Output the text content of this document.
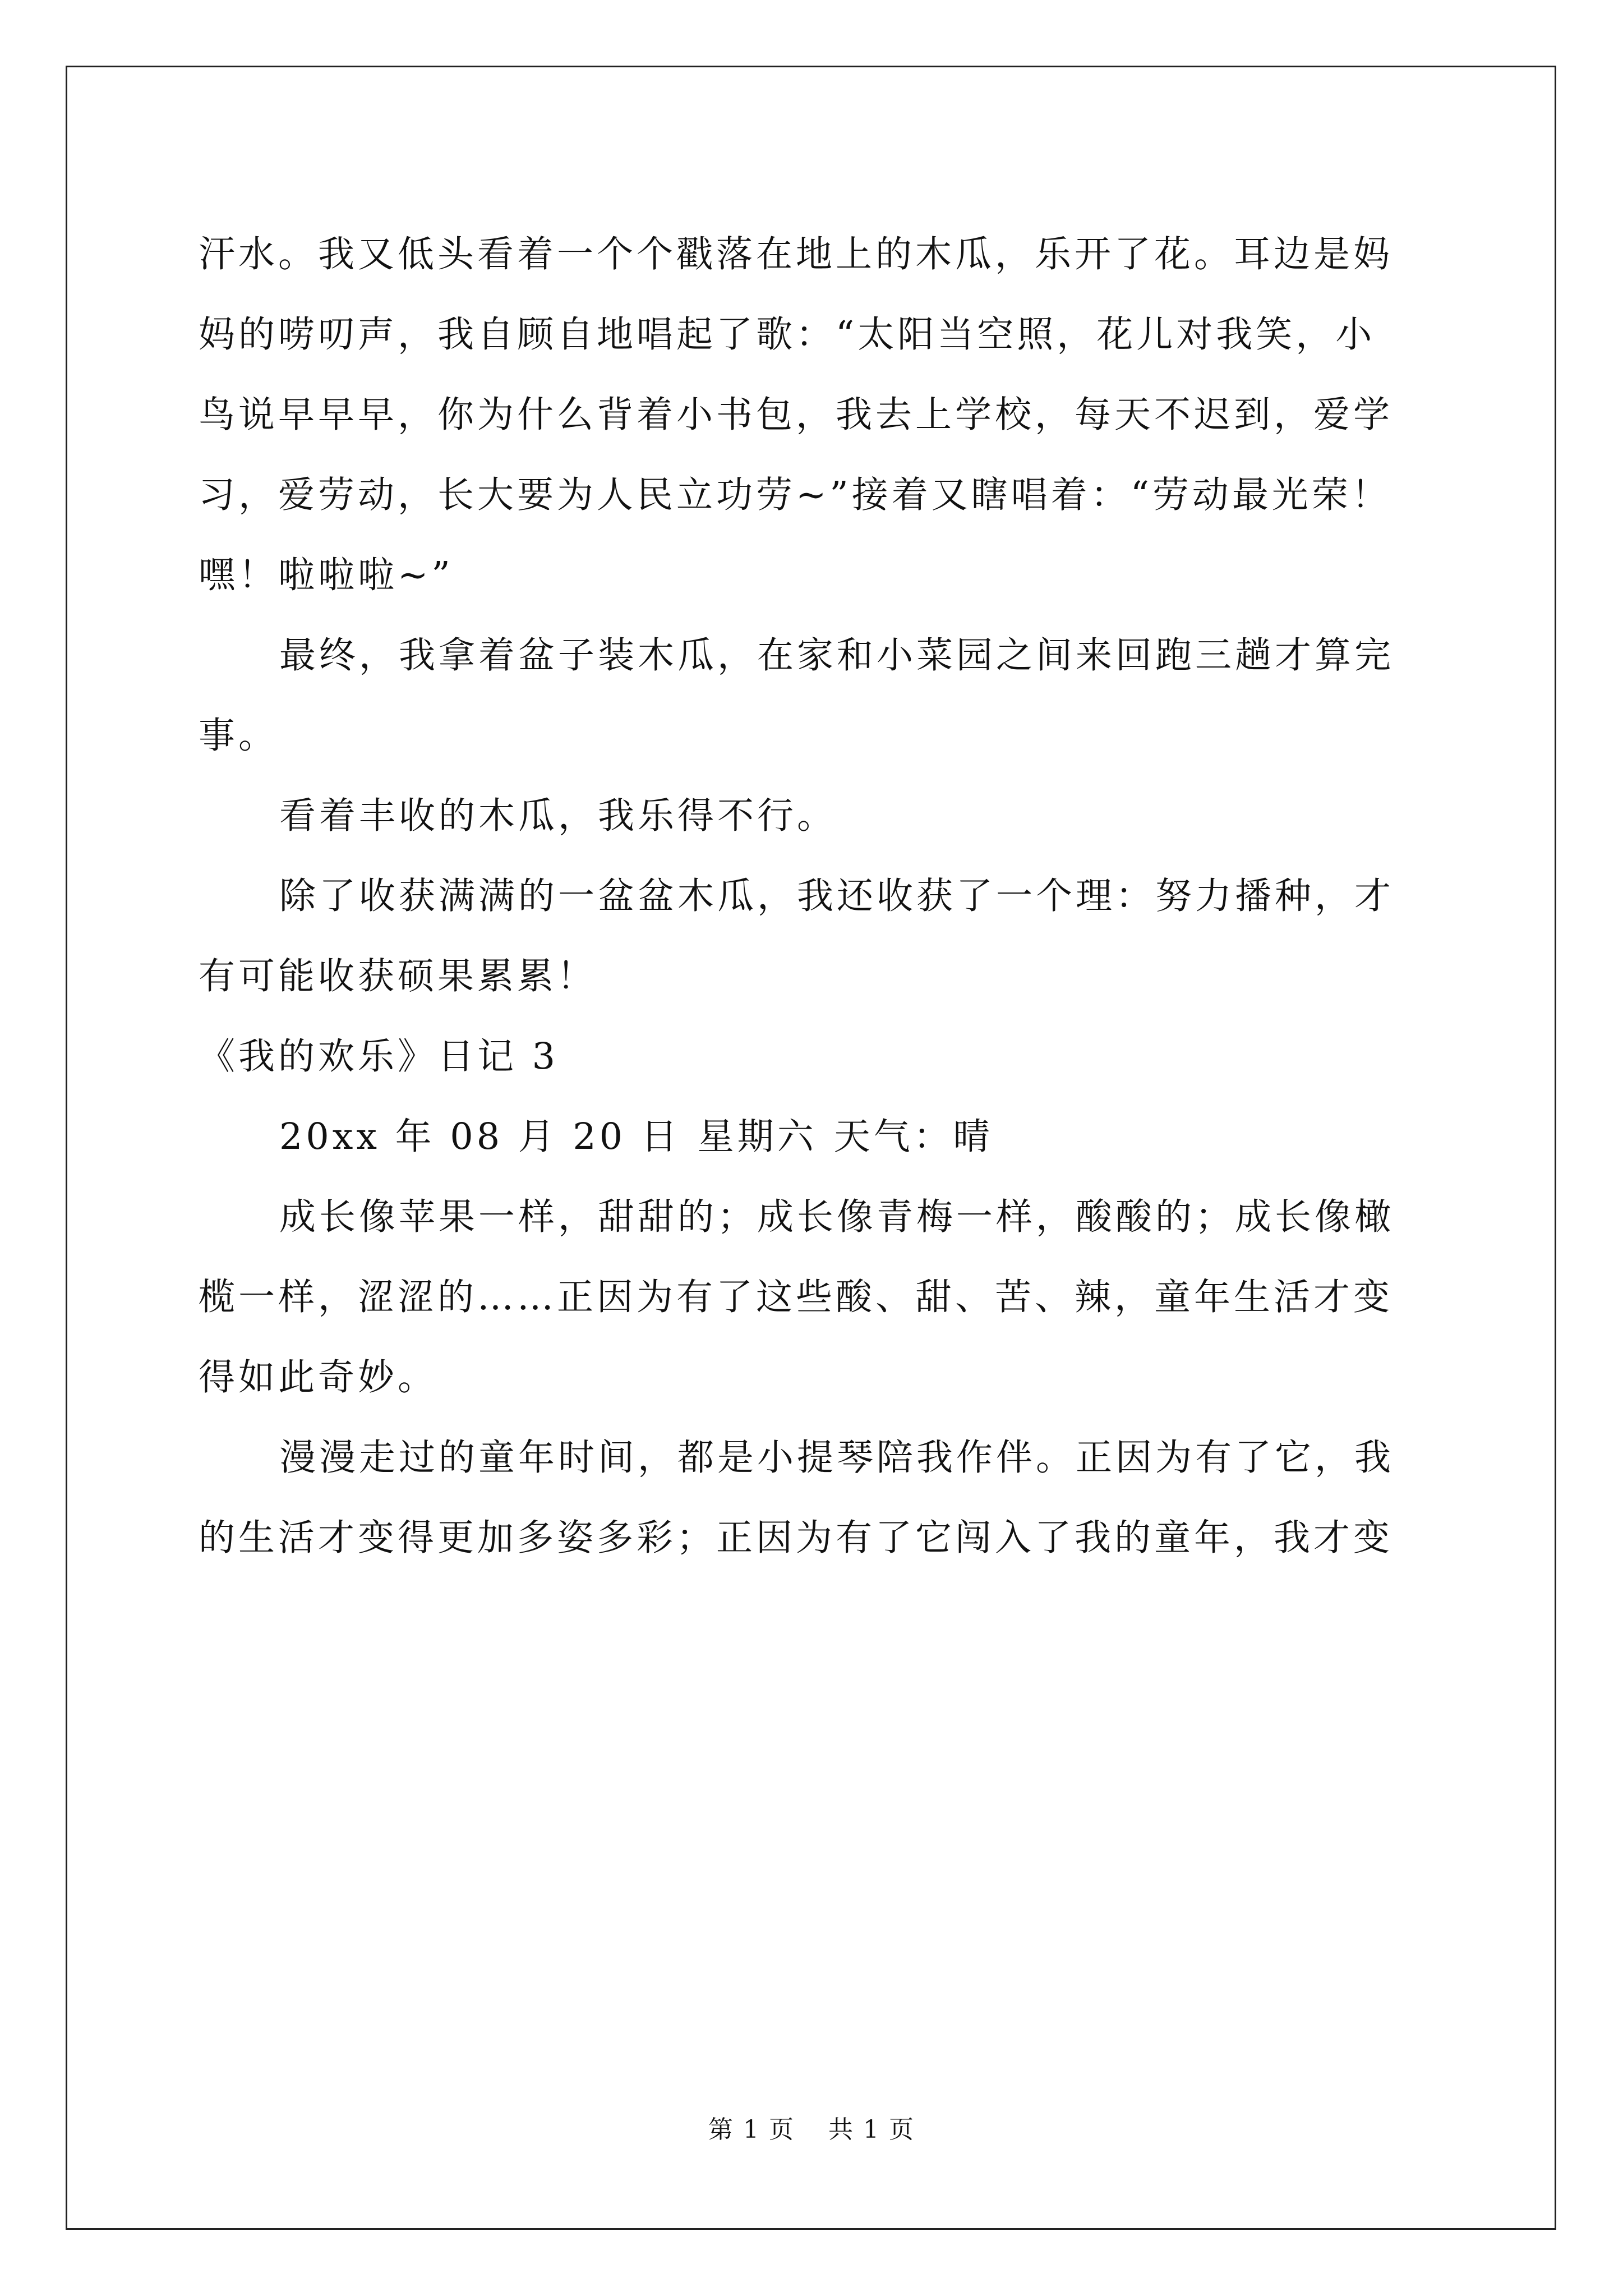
汗水。我又低头看着一个个戳落在地上的木瓜，乐开了花。耳边是妈
妈的唠叨声，我自顾自地唱起了歌：“太阳当空照，花儿对我笑，小
鸟说早早早，你为什么背着小书包，我去上学校，每天不迟到，爱学
习，爱劳动，长大要为人民立功劳~”接着又瞎唱着：“劳动最光荣！
嘿！啦啦啦~”
最终，我拿着盆子装木瓜，在家和小菜园之间来回跑三趟才算完
事。
看着丰收的木瓜，我乐得不行。
除了收获满满的一盆盆木瓜，我还收获了一个理：努力播种，才
有可能收获硕果累累！
《我的欢乐》日记 3
20xx 年 08 月 20 日 星期六 天气：晴
成长像苹果一样，甜甜的；成长像青梅一样，酸酸的；成长像橄
榄一样，涩涩的……正因为有了这些酸、甜、苦、辣，童年生活才变
得如此奇妙。
漫漫走过的童年时间，都是小提琴陪我作伴。正因为有了它，我
的生活才变得更加多姿多彩；正因为有了它闯入了我的童年，我才变
第 1 页 共 1 页
